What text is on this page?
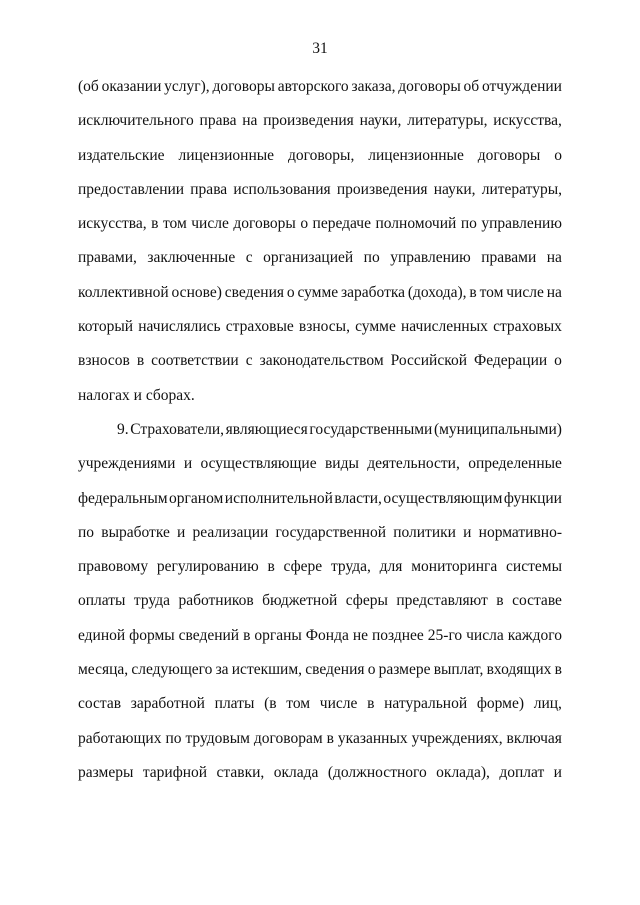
31
(об оказании услуг), договоры авторского заказа, договоры об отчуждении
исключительного права на произведения науки, литературы, искусства,
издательские лицензионные договоры, лицензионные договоры о
предоставлении права использования произведения науки, литературы,
искусства, в том числе договоры о передаче полномочий по управлению
правами, заключенные с организацией по управлению правами на
коллективной основе) сведения о сумме заработка (дохода), в том числе на
который начислялись страховые взносы, сумме начисленных страховых
взносов в соответствии с законодательством Российской Федерации о
налогах и сборах.
9. Страхователи, являющиеся государственными (муниципальными)
учреждениями и осуществляющие виды деятельности, определенные
федеральным органом исполнительной власти, осуществляющим функции
по выработке и реализации государственной политики и нормативно-
правовому регулированию в сфере труда, для мониторинга системы
оплаты труда работников бюджетной сферы представляют в составе
единой формы сведений в органы Фонда не позднее 25-го числа каждого
месяца, следующего за истекшим, сведения о размере выплат, входящих в
состав заработной платы (в том числе в натуральной форме) лиц,
работающих по трудовым договорам в указанных учреждениях, включая
размеры тарифной ставки, оклада (должностного оклада), доплат и
